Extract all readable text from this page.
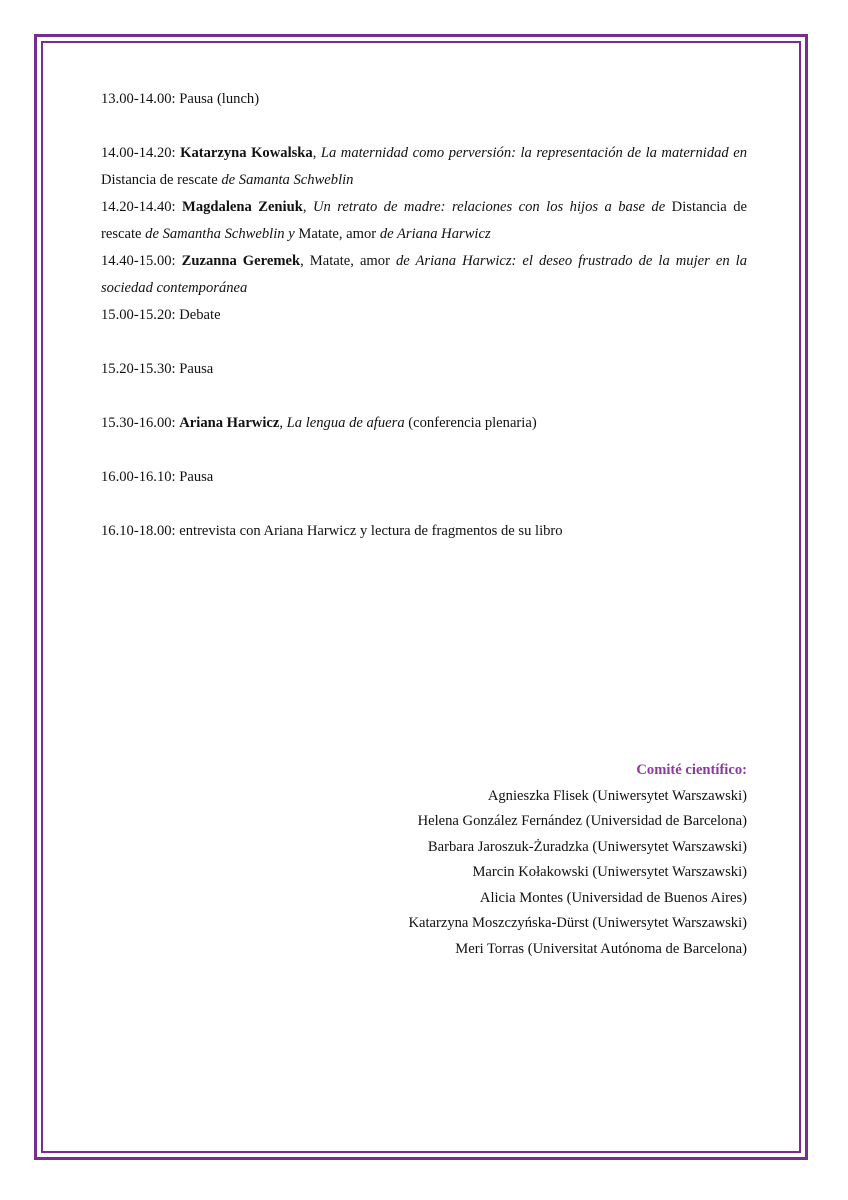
13.00-14.00: Pausa (lunch)

14.00-14.20: Katarzyna Kowalska, La maternidad como perversión: la representación de la maternidad en Distancia de rescate de Samanta Schweblin

14.20-14.40: Magdalena Zeniuk, Un retrato de madre: relaciones con los hijos a base de Distancia de rescate de Samantha Schweblin y Matate, amor de Ariana Harwicz

14.40-15.00: Zuzanna Geremek, Matate, amor de Ariana Harwicz: el deseo frustrado de la mujer en la sociedad contemporánea

15.00-15.20: Debate

15.20-15.30: Pausa

15.30-16.00: Ariana Harwicz, La lengua de afuera (conferencia plenaria)

16.00-16.10: Pausa

16.10-18.00: entrevista con Ariana Harwicz y lectura de fragmentos de su libro

Comité científico:

Agnieszka Flisek (Uniwersytet Warszawski)

Helena González Fernández (Universidad de Barcelona)

Barbara Jaroszuk-Żuradzka (Uniwersytet Warszawski)

Marcin Kołakowski (Uniwersytet Warszawski)

Alicia Montes (Universidad de Buenos Aires)

Katarzyna Moszczyńska-Dürst (Uniwersytet Warszawski)

Meri Torras (Universitat Autónoma de Barcelona)
